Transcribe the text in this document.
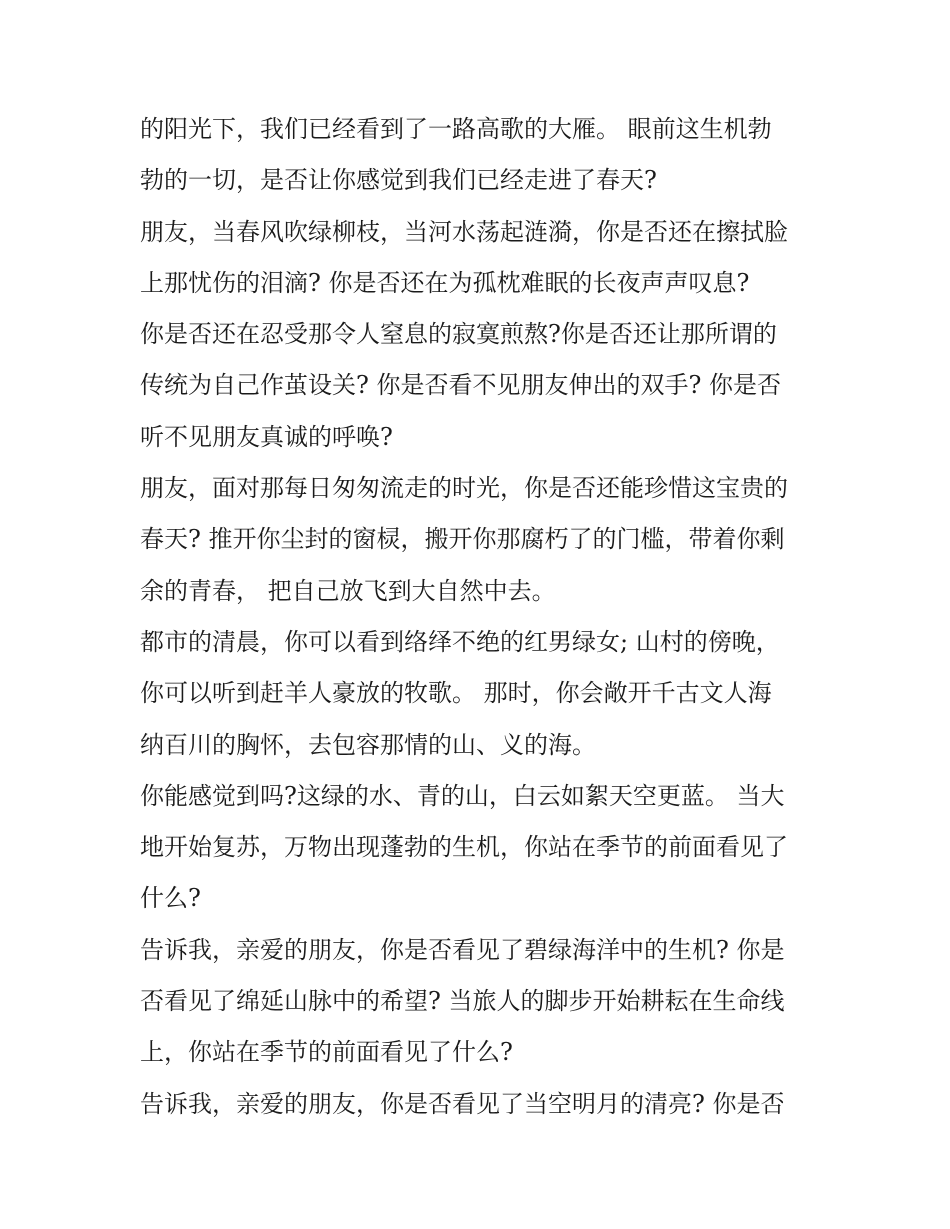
的阳光下，我们已经看到了一路高歌的大雁。 眼前这生机勃
勃的一切，是否让你感觉到我们已经走进了春天?
朋友，当春风吹绿柳枝，当河水荡起涟漪，你是否还在擦拭脸
上那忧伤的泪滴? 你是否还在为孤枕难眠的长夜声声叹息?
你是否还在忍受那令人窒息的寂寞煎熬?你是否还让那所谓的
传统为自己作茧设关? 你是否看不见朋友伸出的双手? 你是否
听不见朋友真诚的呼唤?
朋友，面对那每日匆匆流走的时光，你是否还能珍惜这宝贵的
春天? 推开你尘封的窗棂，搬开你那腐朽了的门槛，带着你剩
余的青春， 把自己放飞到大自然中去。
都市的清晨，你可以看到络绎不绝的红男绿女; 山村的傍晚，
你可以听到赶羊人豪放的牧歌。 那时，你会敞开千古文人海
纳百川的胸怀，去包容那情的山、义的海。
你能感觉到吗?这绿的水、青的山，白云如絮天空更蓝。 当大
地开始复苏，万物出现蓬勃的生机，你站在季节的前面看见了
什么?
告诉我，亲爱的朋友，你是否看见了碧绿海洋中的生机? 你是
否看见了绵延山脉中的希望? 当旅人的脚步开始耕耘在生命线
上，你站在季节的前面看见了什么?
告诉我，亲爱的朋友，你是否看见了当空明月的清亮? 你是否
